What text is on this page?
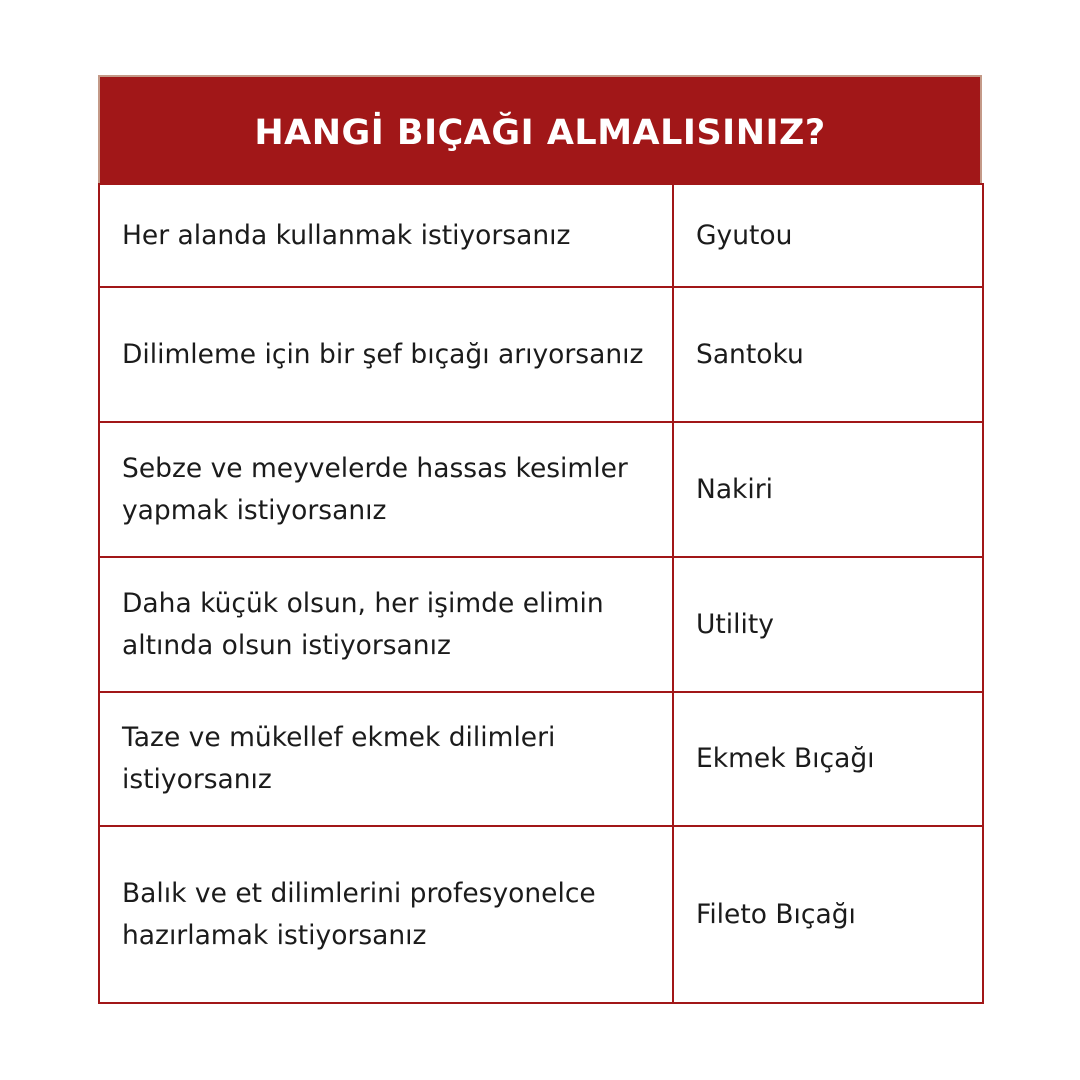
HANGİ BIÇAĞI ALMALISINIZ?
Her alanda kullanmak istiyorsanız	Gyutou
Dilimleme için bir şef bıçağı arıyorsanız	Santoku
Sebze ve meyvelerde hassas kesimler yapmak istiyorsanız	Nakiri
Daha küçük olsun, her işimde elimin altında olsun istiyorsanız	Utility
Taze ve mükellef ekmek dilimleri istiyorsanız	Ekmek Bıçağı
Balık ve et dilimlerini profesyonelce hazırlamak istiyorsanız	Fileto Bıçağı
